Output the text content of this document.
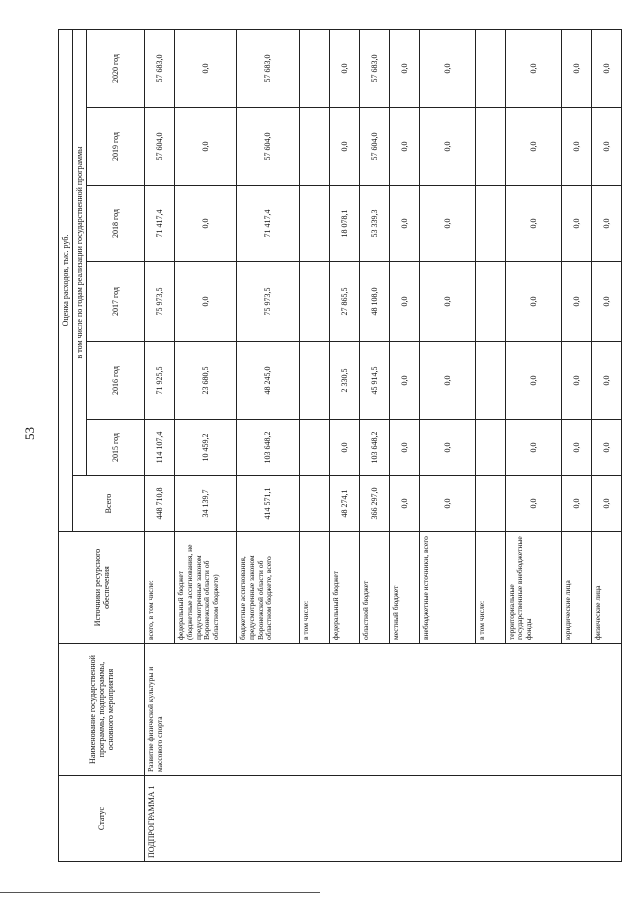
53
Статус	Наименование государственной программы, подпрограммы, основного мероприятия	Источники ресурсного обеспечения	Оценка расходов, тыс. руб.						
			Всего	в том числе по годам реализации государственной программы					
				2015 год	2016 год	2017 год	2018 год	2019 год	2020 год
ПОДПРОГРАММА 1	Развитие физической культуры и массового спорта	всего, в том числе:	448 710,8	114 107,4	71 925,5	75 973,5	71 417,4	57 604,0	57 683,0
		федеральный бюджет (бюджетные ассигнования, не предусмотренные законом Воронежской области об областном бюджете)	34 139,7	10 459,2	23 680,5	0,0	0,0	0,0	0,0
		бюджетные ассигнования, предусмотренные законом Воронежской области об областном бюджете, всего	414 571,1	103 648,2	48 245,0	75 973,5	71 417,4	57 604,0	57 683,0
		в том числе:							
		федеральный бюджет	48 274,1	0,0	2 330,5	27 865,5	18 078,1	0,0	0,0
		областной бюджет	366 297,0	103 648,2	45 914,5	48 108,0	53 339,3	57 604,0	57 683,0
		местный бюджет	0,0	0,0	0,0	0,0	0,0	0,0	0,0
		внебюджетные источники, всего	0,0	0,0	0,0	0,0	0,0	0,0	0,0
		в том числе:							
		территориальные государственные внебюджетные фонды	0,0	0,0	0,0	0,0	0,0	0,0	0,0
		юридические лица	0,0	0,0	0,0	0,0	0,0	0,0	0,0
		физические лица	0,0	0,0	0,0	0,0	0,0	0,0	0,0
